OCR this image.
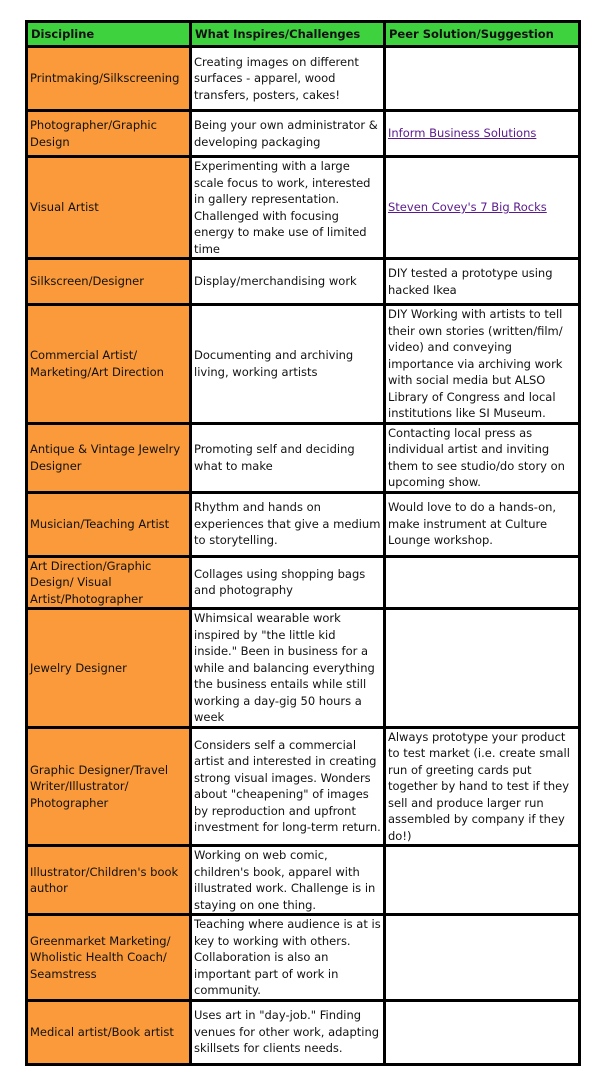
Discipline	What Inspires/Challenges	Peer Solution/Suggestion
Printmaking/Silkscreening	Creating images on different surfaces - apparel, wood transfers, posters, cakes!	
Photographer/Graphic Design	Being your own administrator & developing packaging	Inform Business Solutions
Visual Artist	Experimenting with a large scale focus to work, interested in gallery representation. Challenged with focusing energy to make use of limited time	Steven Covey's 7 Big Rocks
Silkscreen/Designer	Display/merchandising work	DIY tested a prototype using hacked Ikea
Commercial Artist/ Marketing/Art Direction	Documenting and archiving living, working artists	DIY Working with artists to tell their own stories (written/film/ video) and conveying importance via archiving work with social media but ALSO Library of Congress and local institutions like SI Museum.
Antique & Vintage Jewelry Designer	Promoting self and deciding what to make	Contacting local press as individual artist and inviting them to see studio/do story on upcoming show.
Musician/Teaching Artist	Rhythm and hands on experiences that give a medium to storytelling.	Would love to do a hands-on, make instrument at Culture Lounge workshop.
Art Direction/Graphic Design/ Visual Artist/Photographer	Collages using shopping bags and photography	
Jewelry Designer	Whimsical wearable work inspired by "the little kid inside." Been in business for a while and balancing everything the business entails while still working a day-gig 50 hours a week	
Graphic Designer/Travel Writer/Illustrator/ Photographer	Considers self a commercial artist and interested in creating strong visual images. Wonders about "cheapening" of images by reproduction and upfront investment for long-term return.	Always prototype your product to test market (i.e. create small run of greeting cards put together by hand to test if they sell and produce larger run assembled by company if they do!)
Illustrator/Children's book author	Working on web comic, children's book, apparel with illustrated work. Challenge is in staying on one thing.	
Greenmarket Marketing/ Wholistic Health Coach/ Seamstress	Teaching where audience is at is key to working with others. Collaboration is also an important part of work in community.	
Medical artist/Book artist	Uses art in "day-job." Finding venues for other work, adapting skillsets for clients needs.	
